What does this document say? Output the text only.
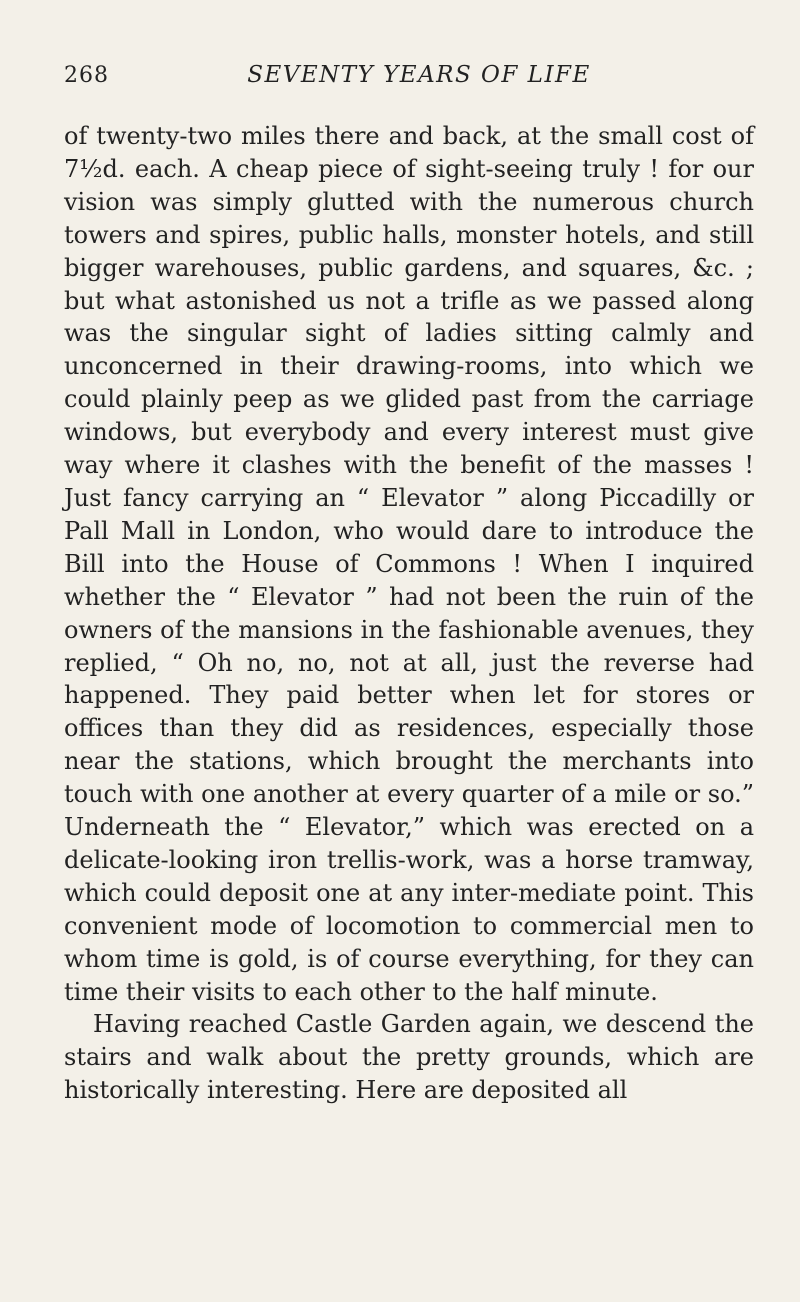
268	SEVENTY YEARS OF LIFE

of twenty-two miles there and back, at the small cost of 7½d. each. A cheap piece of sight-seeing truly ! for our vision was simply glutted with the numerous church towers and spires, public halls, monster hotels, and still bigger warehouses, public gardens, and squares, &c. ; but what astonished us not a trifle as we passed along was the singular sight of ladies sitting calmly and unconcerned in their drawing-rooms, into which we could plainly peep as we glided past from the carriage windows, but everybody and every interest must give way where it clashes with the benefit of the masses ! Just fancy carrying an “ Elevator ” along Piccadilly or Pall Mall in London, who would dare to introduce the Bill into the House of Commons ! When I inquired whether the “ Elevator ” had not been the ruin of the owners of the mansions in the fashionable avenues, they replied, “ Oh no, no, not at all, just the reverse had happened. They paid better when let for stores or offices than they did as residences, especially those near the stations, which brought the merchants into touch with one another at every quarter of a mile or so.” Underneath the “ Elevator,” which was erected on a delicate-looking iron trellis-work, was a horse tramway, which could deposit one at any inter-mediate point. This convenient mode of locomotion to commercial men to whom time is gold, is of course everything, for they can time their visits to each other to the half minute.

Having reached Castle Garden again, we descend the stairs and walk about the pretty grounds, which are historically interesting. Here are deposited all
